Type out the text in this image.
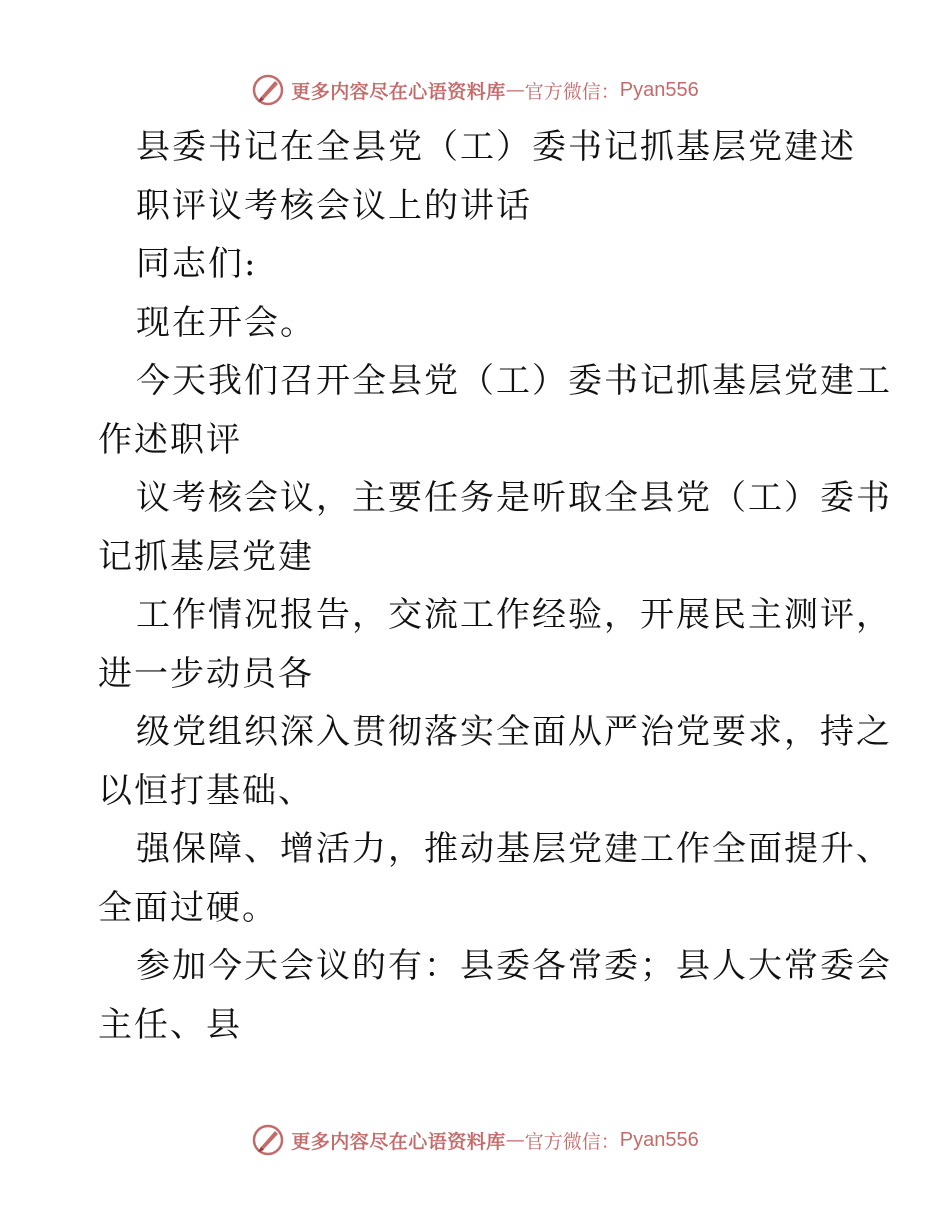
更多内容尽在心语资料库 — 官方微信： Pyan556
县委书记在全县党（工）委书记抓基层党建述
职评议考核会议上的讲话
同志们:
现在开会。
今天我们召开全县党（工）委书记抓基层党建工
作述职评
议考核会议，主要任务是听取全县党（工）委书
记抓基层党建
工作情况报告，交流工作经验，开展民主测评，
进一步动员各
级党组织深入贯彻落实全面从严治党要求，持之
以恒打基础、
强保障、增活力，推动基层党建工作全面提升、
全面过硬。
参加今天会议的有：县委各常委；县人大常委会
主任、县
更多内容尽在心语资料库 — 官方微信： Pyan556
